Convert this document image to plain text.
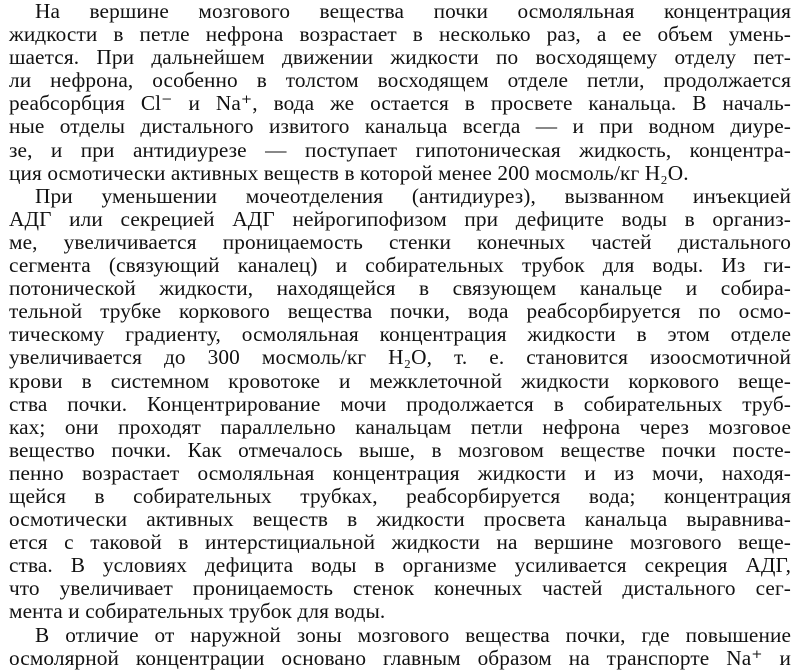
На вершине мозгового вещества почки осмоляльная концентрация
жидкости в петле нефрона возрастает в несколько раз, а ее объем умень-
шается. При дальнейшем движении жидкости по восходящему отделу пет-
ли нефрона, особенно в толстом восходящем отделе петли, продолжается
реабсорбция Cl⁻ и Na⁺, вода же остается в просвете канальца. В началь-
ные отделы дистального извитого канальца всегда — и при водном диуре-
зе, и при антидиурезе — поступает гипотоническая жидкость, концентра-
ция осмотически активных веществ в которой менее 200 мосмоль/кг H₂O.
При уменьшении мочеотделения (антидиурез), вызванном инъекцией
АДГ или секрецией АДГ нейрогипофизом при дефиците воды в организ-
ме, увеличивается проницаемость стенки конечных частей дистального
сегмента (связующий каналец) и собирательных трубок для воды. Из ги-
потонической жидкости, находящейся в связующем канальце и собира-
тельной трубке коркового вещества почки, вода реабсорбируется по осмо-
тическому градиенту, осмоляльная концентрация жидкости в этом отделе
увеличивается до 300 мосмоль/кг H₂O, т. е. становится изоосмотичной
крови в системном кровотоке и межклеточной жидкости коркового веще-
ства почки. Концентрирование мочи продолжается в собирательных труб-
ках; они проходят параллельно канальцам петли нефрона через мозговое
вещество почки. Как отмечалось выше, в мозговом веществе почки посте-
пенно возрастает осмоляльная концентрация жидкости и из мочи, находя-
щейся в собирательных трубках, реабсорбируется вода; концентрация
осмотически активных веществ в жидкости просвета канальца выравнива-
ется с таковой в интерстициальной жидкости на вершине мозгового веще-
ства. В условиях дефицита воды в организме усиливается секреция АДГ,
что увеличивает проницаемость стенок конечных частей дистального сег-
мента и собирательных трубок для воды.
В отличие от наружной зоны мозгового вещества почки, где повышение
осмолярной концентрации основано главным образом на транспорте Na⁺ и
